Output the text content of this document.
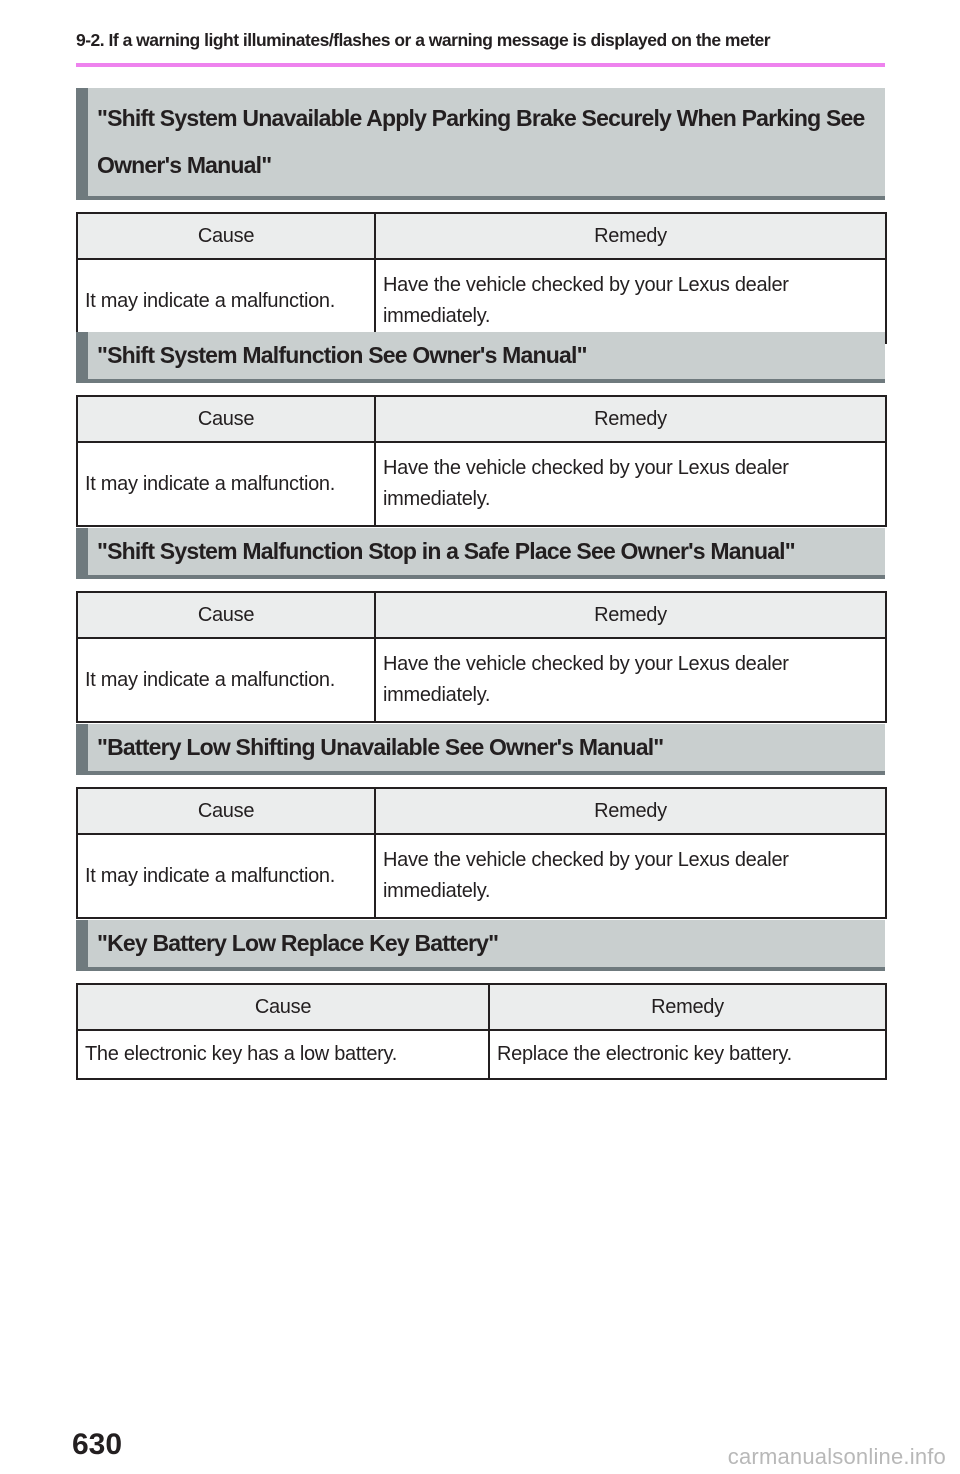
9-2. If a warning light illuminates/flashes or a warning message is displayed on the meter
"Shift System Unavailable Apply Parking Brake Securely When Parking See Owner's Manual"
Cause	Remedy
It may indicate a malfunction.	Have the vehicle checked by your Lexus dealer immediately.
"Shift System Malfunction See Owner's Manual"
Cause	Remedy
It may indicate a malfunction.	Have the vehicle checked by your Lexus dealer immediately.
"Shift System Malfunction Stop in a Safe Place See Owner's Manual"
Cause	Remedy
It may indicate a malfunction.	Have the vehicle checked by your Lexus dealer immediately.
"Battery Low Shifting Unavailable See Owner's Manual"
Cause	Remedy
It may indicate a malfunction.	Have the vehicle checked by your Lexus dealer immediately.
"Key Battery Low Replace Key Battery"
Cause	Remedy
The electronic key has a low battery.	Replace the electronic key battery.
630	carmanualsonline.info
